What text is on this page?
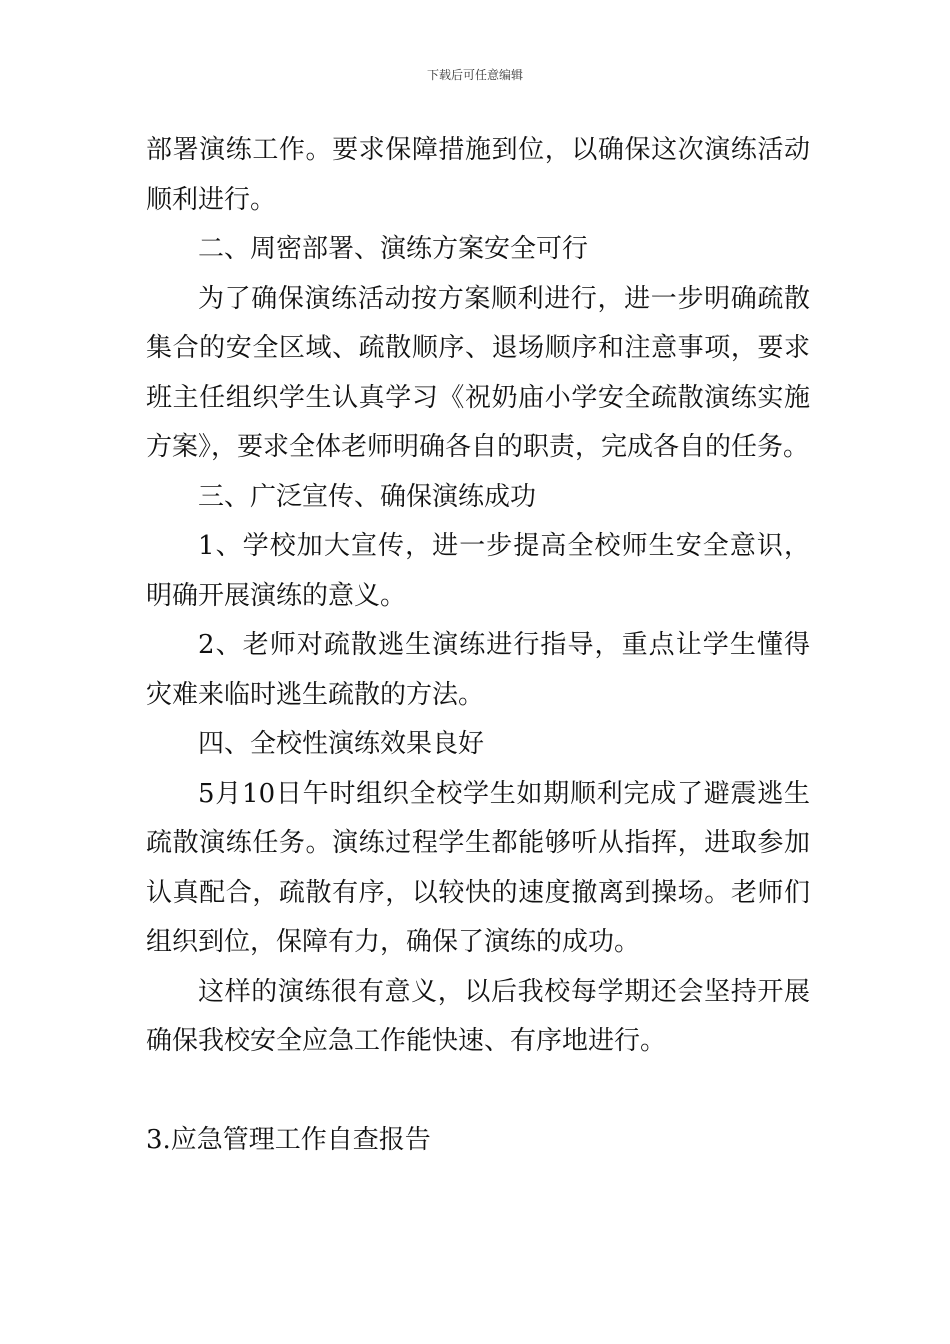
下载后可任意编辑

部署演练工作。要求保障措施到位，以确保这次演练活动顺利进行。

二、周密部署、演练方案安全可行

为了确保演练活动按方案顺利进行，进一步明确疏散集合的安全区域、疏散顺序、退场顺序和注意事项，要求班主任组织学生认真学习《祝奶庙小学安全疏散演练实施方案》，要求全体老师明确各自的职责，完成各自的任务。

三、广泛宣传、确保演练成功

1、学校加大宣传，进一步提高全校师生安全意识，明确开展演练的意义。

2、老师对疏散逃生演练进行指导，重点让学生懂得灾难来临时逃生疏散的方法。

四、全校性演练效果良好

5月10日午时组织全校学生如期顺利完成了避震逃生疏散演练任务。演练过程学生都能够听从指挥，进取参加认真配合，疏散有序，以较快的速度撤离到操场。老师们组织到位，保障有力，确保了演练的成功。

这样的演练很有意义，以后我校每学期还会坚持开展确保我校安全应急工作能快速、有序地进行。

3.应急管理工作自查报告
